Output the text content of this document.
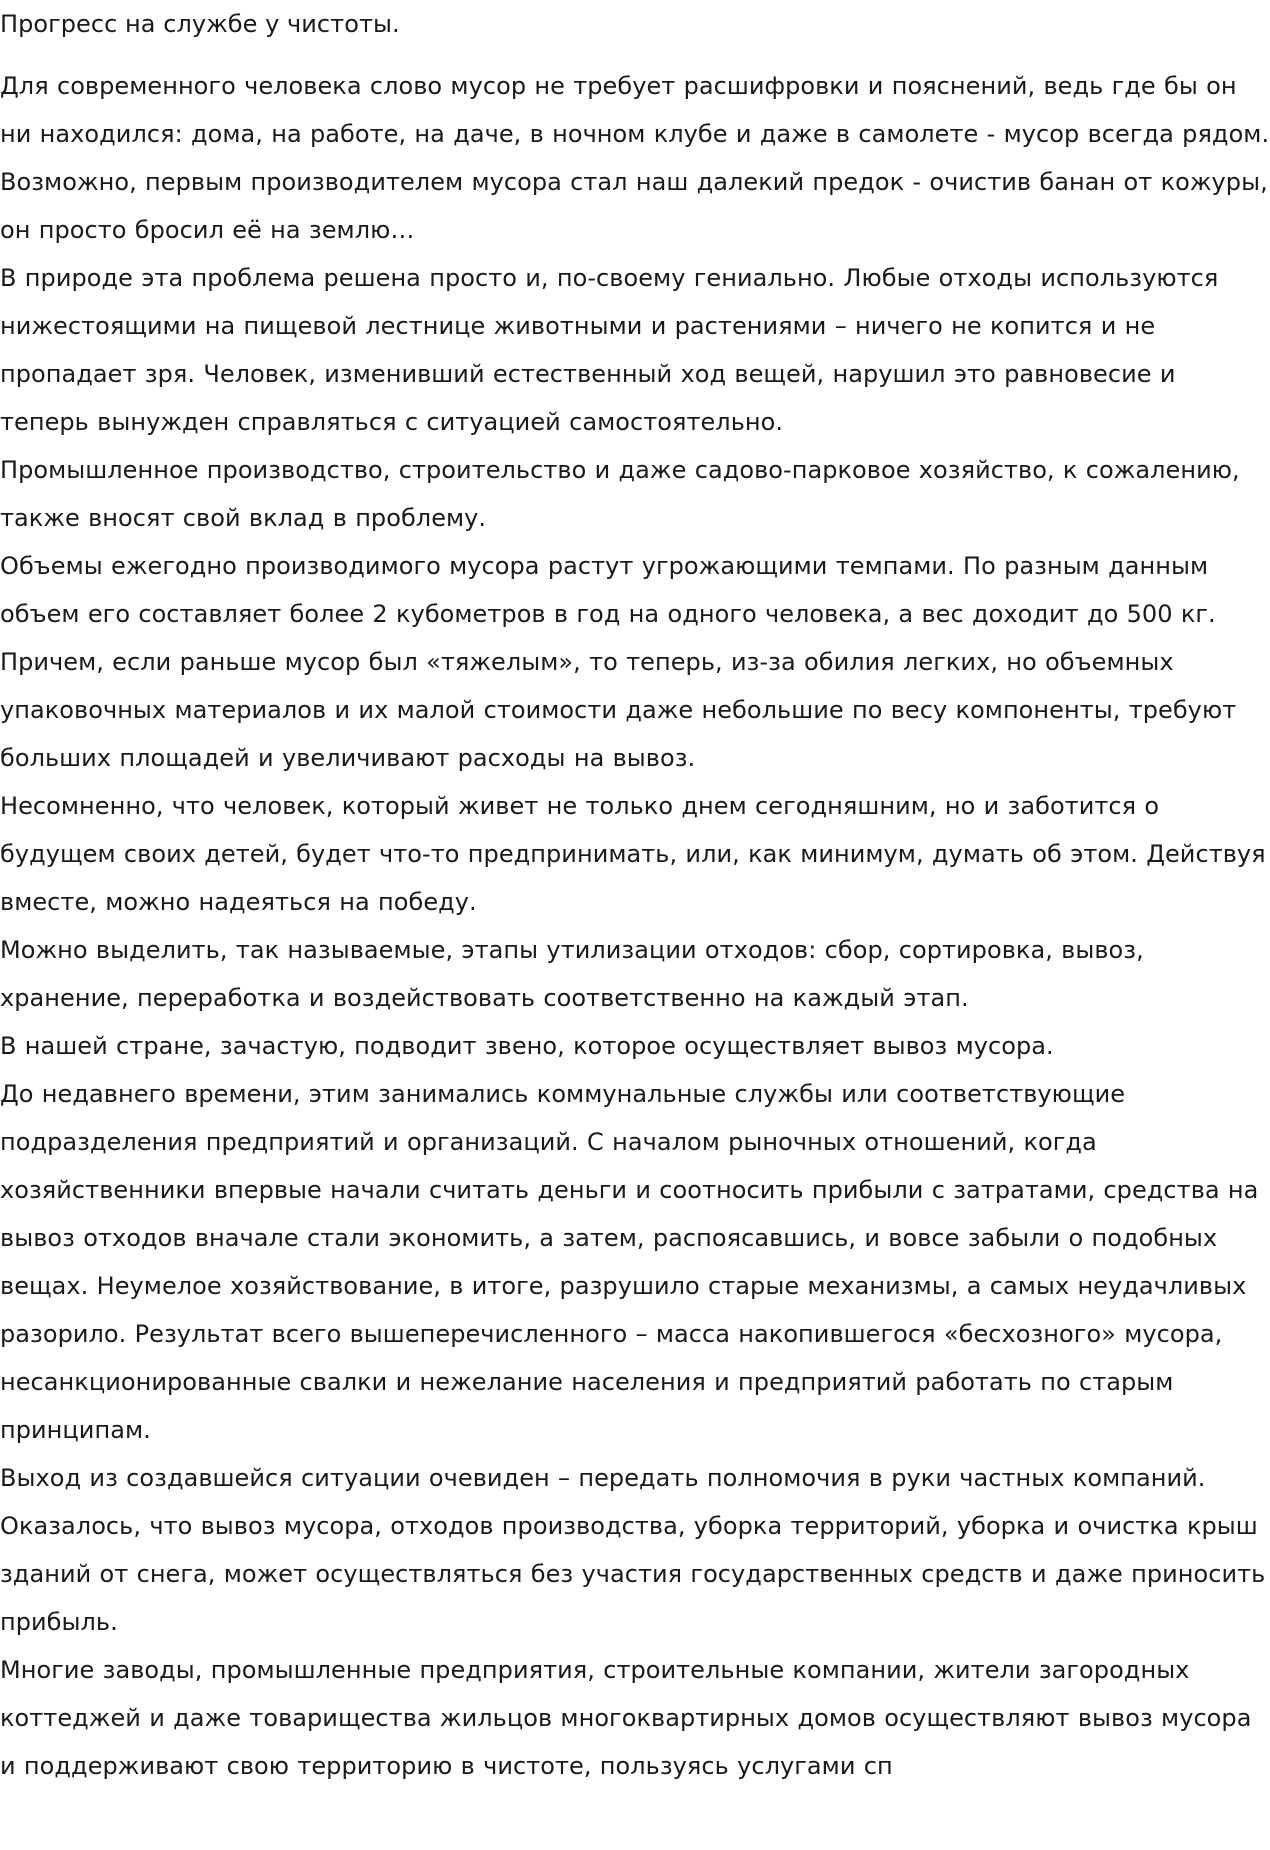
Прогресс на службе у чистоты.

Для современного человека слово мусор не требует расшифровки и пояснений, ведь где бы он ни находился: дома, на работе, на даче, в ночном клубе и даже в самолете - мусор всегда рядом. Возможно, первым производителем мусора стал наш далекий предок - очистив банан от кожуры, он просто бросил её на землю…

В природе эта проблема решена просто и, по-своему гениально. Любые отходы используются нижестоящими на пищевой лестнице животными и растениями – ничего не копится и не пропадает зря. Человек, изменивший естественный ход вещей, нарушил это равновесие и теперь вынужден справляться с ситуацией самостоятельно.

Промышленное производство, строительство и даже садово-парковое хозяйство, к сожалению, также вносят свой вклад в проблему.

Объемы ежегодно производимого мусора растут угрожающими темпами. По разным данным объем его составляет более 2 кубометров в год на одного человека, а вес доходит до 500 кг. Причем, если раньше мусор был «тяжелым», то теперь, из-за обилия легких, но объемных упаковочных материалов и их малой стоимости даже небольшие по весу компоненты, требуют больших площадей и увеличивают расходы на вывоз.

Несомненно, что человек, который живет не только днем сегодняшним, но и заботится о будущем своих детей, будет что-то предпринимать, или, как минимум, думать об этом. Действуя вместе, можно надеяться на победу.

Можно выделить, так называемые, этапы утилизации отходов: сбор, сортировка, вывоз, хранение, переработка и воздействовать соответственно на каждый этап.

В нашей стране, зачастую, подводит звено, которое осуществляет вывоз мусора.

До недавнего времени, этим занимались коммунальные службы или соответствующие подразделения предприятий и организаций. С началом рыночных отношений, когда хозяйственники впервые начали считать деньги и соотносить прибыли с затратами, средства на вывоз отходов вначале стали экономить, а затем, распоясавшись, и вовсе забыли о подобных вещах. Неумелое хозяйствование, в итоге, разрушило старые механизмы, а самых неудачливых разорило. Результат всего вышеперечисленного – масса накопившегося «бесхозного» мусора, несанкционированные свалки и нежелание населения и предприятий работать по старым принципам.

Выход из создавшейся ситуации очевиден – передать полномочия в руки частных компаний. Оказалось, что вывоз мусора, отходов производства, уборка территорий, уборка и очистка крыш зданий от снега, может осуществляться без участия государственных средств и даже приносить прибыль.

Многие заводы, промышленные предприятия, строительные компании, жители загородных коттеджей и даже товарищества жильцов многоквартирных домов осуществляют вывоз мусора и поддерживают свою территорию в чистоте, пользуясь услугами сп
